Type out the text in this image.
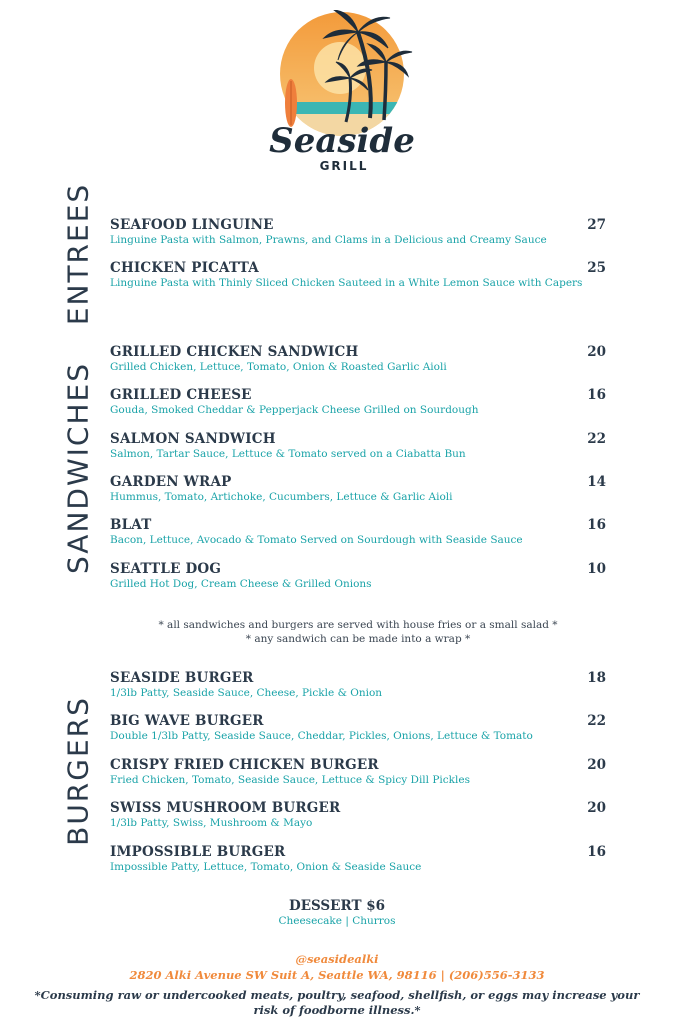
Seaside
GRILL
ENTREES
SANDWICHES
BURGERS
SEAFOOD LINGUINE	27
Linguine Pasta with Salmon, Prawns, and Clams in a Delicious and Creamy Sauce
CHICKEN PICATTA	25
Linguine Pasta with Thinly Sliced Chicken Sauteed in a White Lemon Sauce with Capers
GRILLED CHICKEN SANDWICH	20
Grilled Chicken, Lettuce, Tomato, Onion & Roasted Garlic Aioli
GRILLED CHEESE	16
Gouda, Smoked Cheddar & Pepperjack Cheese Grilled on Sourdough
SALMON SANDWICH	22
Salmon, Tartar Sauce, Lettuce & Tomato served on a Ciabatta Bun
GARDEN WRAP	14
Hummus, Tomato, Artichoke, Cucumbers, Lettuce & Garlic Aioli
BLAT	16
Bacon, Lettuce, Avocado & Tomato Served on Sourdough with Seaside Sauce
SEATTLE DOG	10
Grilled Hot Dog, Cream Cheese & Grilled Onions
* all sandwiches and burgers are served with house fries or a small salad *
* any sandwich can be made into a wrap *
SEASIDE BURGER	18
1/3lb Patty, Seaside Sauce, Cheese, Pickle & Onion
BIG WAVE BURGER	22
Double 1/3lb Patty, Seaside Sauce, Cheddar, Pickles, Onions, Lettuce & Tomato
CRISPY FRIED CHICKEN BURGER	20
Fried Chicken, Tomato, Seaside Sauce, Lettuce & Spicy Dill Pickles
SWISS MUSHROOM BURGER	20
1/3lb Patty, Swiss, Mushroom & Mayo
IMPOSSIBLE BURGER	16
Impossible Patty, Lettuce, Tomato, Onion & Seaside Sauce
DESSERT $6
Cheesecake | Churros
@seasidealki
2820 Alki Avenue SW Suit A, Seattle WA, 98116 | (206)556-3133
*Consuming raw or undercooked meats, poultry, seafood, shellfish, or eggs may increase your
risk of foodborne illness.*
